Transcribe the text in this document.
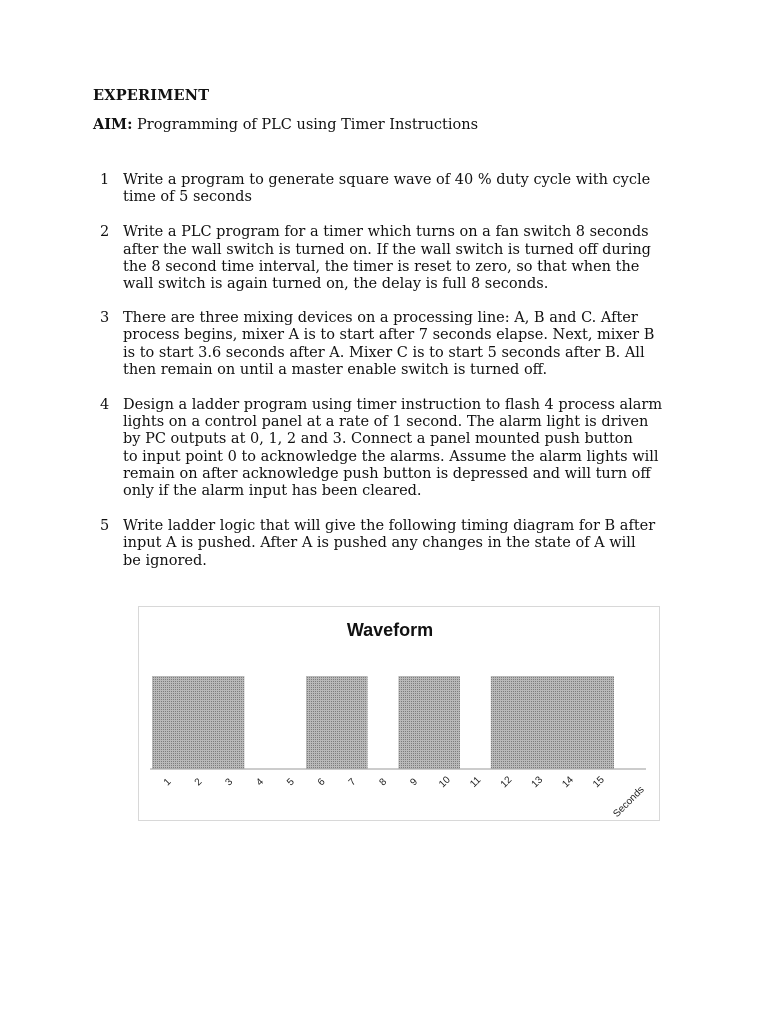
EXPERIMENT
AIM: Programming of PLC using Timer Instructions
1 Write a program to generate square wave of 40 % duty cycle with cycle
time of 5 seconds
2 Write a PLC program for a timer which turns on a fan switch 8 seconds
after the wall switch is turned on. If the wall switch is turned off during
the 8 second time interval, the timer is reset to zero, so that when the
wall switch is again turned on, the delay is full 8 seconds.
3 There are three mixing devices on a processing line: A, B and C. After
process begins, mixer A is to start after 7 seconds elapse. Next, mixer B
is to start 3.6 seconds after A. Mixer C is to start 5 seconds after B. All
then remain on until a master enable switch is turned off.
4 Design a ladder program using timer instruction to flash 4 process alarm
lights on a control panel at a rate of 1 second. The alarm light is driven
by PC outputs at 0, 1, 2 and 3. Connect a panel mounted push button
to input point 0 to acknowledge the alarms. Assume the alarm lights will
remain on after acknowledge push button is depressed and will turn off
only if the alarm input has been cleared.
5 Write ladder logic that will give the following timing diagram for B after
input A is pushed. After A is pushed any changes in the state of A will
be ignored.
Waveform
1 2 3 4 5 6 7 8 9 10 11 12 13 14 15
Seconds
